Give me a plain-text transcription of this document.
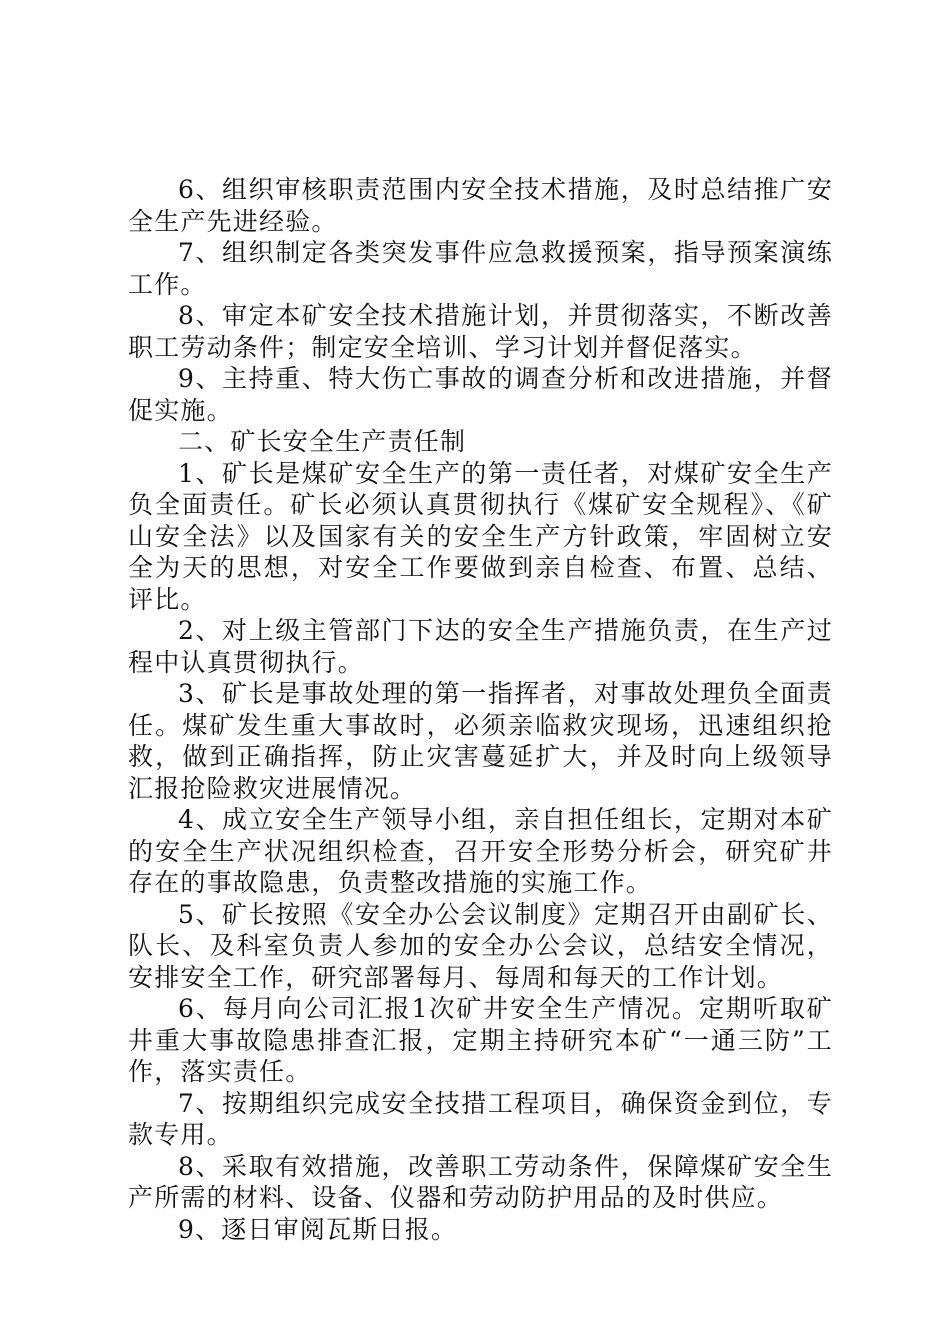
6、组织审核职责范围内安全技术措施，及时总结推广安全生产先进经验。

7、组织制定各类突发事件应急救援预案，指导预案演练工作。

8、审定本矿安全技术措施计划，并贯彻落实，不断改善职工劳动条件；制定安全培训、学习计划并督促落实。

9、主持重、特大伤亡事故的调查分析和改进措施，并督促实施。

二、矿长安全生产责任制

1、矿长是煤矿安全生产的第一责任者，对煤矿安全生产负全面责任。矿长必须认真贯彻执行《煤矿安全规程》、《矿山安全法》以及国家有关的安全生产方针政策，牢固树立安全为天的思想，对安全工作要做到亲自检查、布置、总结、评比。

2、对上级主管部门下达的安全生产措施负责，在生产过程中认真贯彻执行。

3、矿长是事故处理的第一指挥者，对事故处理负全面责任。煤矿发生重大事故时，必须亲临救灾现场，迅速组织抢救，做到正确指挥，防止灾害蔓延扩大，并及时向上级领导汇报抢险救灾进展情况。

4、成立安全生产领导小组，亲自担任组长，定期对本矿的安全生产状况组织检查，召开安全形势分析会，研究矿井存在的事故隐患，负责整改措施的实施工作。

5、矿长按照《安全办公会议制度》定期召开由副矿长、队长、及科室负责人参加的安全办公会议，总结安全情况，安排安全工作，研究部署每月、每周和每天的工作计划。

6、每月向公司汇报1次矿井安全生产情况。定期听取矿井重大事故隐患排查汇报，定期主持研究本矿“一通三防”工作，落实责任。

7、按期组织完成安全技措工程项目，确保资金到位，专款专用。

8、采取有效措施，改善职工劳动条件，保障煤矿安全生产所需的材料、设备、仪器和劳动防护用品的及时供应。

9、逐日审阅瓦斯日报。
